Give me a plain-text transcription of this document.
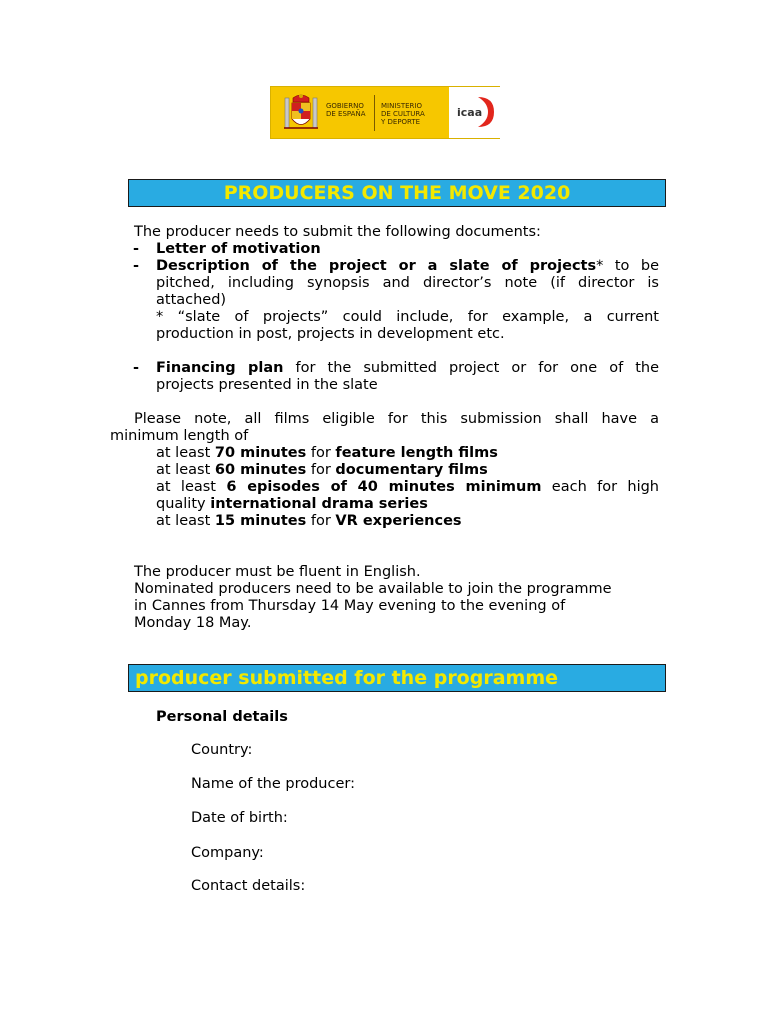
GOBIERNO
DE ESPAÑA
MINISTERIO
DE CULTURA
Y DEPORTE
icaa
PRODUCERS ON THE MOVE 2020
The producer needs to submit the following documents:
- Letter of motivation
- Description of the project or a slate of projects* to be
pitched, including synopsis and director’s note (if director is
attached)
* “slate of projects” could include, for example, a current
production in post, projects in development etc.
- Financing plan for the submitted project or for one of the
projects presented in the slate
Please note, all films eligible for this submission shall have a
minimum length of
at least 70 minutes for feature length films
at least 60 minutes for documentary films
at least 6 episodes of 40 minutes minimum each for high
quality international drama series
at least 15 minutes for VR experiences
The producer must be fluent in English.
Nominated producers need to be available to join the programme
in Cannes from Thursday 14 May evening to the evening of
Monday 18 May.
producer submitted for the programme
Personal details
Country:
Name of the producer:
Date of birth:
Company:
Contact details:
